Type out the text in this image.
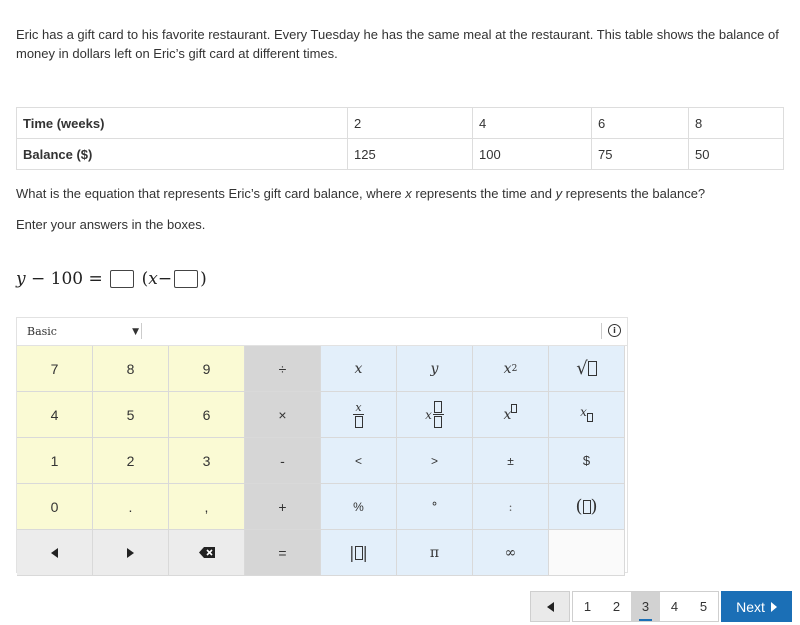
Eric has a gift card to his favorite restaurant. Every Tuesday he has the same meal at the restaurant. This table shows the balance of money in dollars left on Eric’s gift card at different times.
Time (weeks)	2	4	6	8
Balance ($)	125	100	75	50
What is the equation that represents Eric’s gift card balance, where x represents the time and y represents the balance?
Enter your answers in the boxes.
y − 100 = ( x − )
Basic	▼	i
7	8	9	÷	x	y	x 2	√
4	5	6	×	x
x	x	x
1	2	3	-	<	>	±	$
0	.	,	+	%	°	:	( )
=	| |	π	∞
1	2	3	4	5	Next
